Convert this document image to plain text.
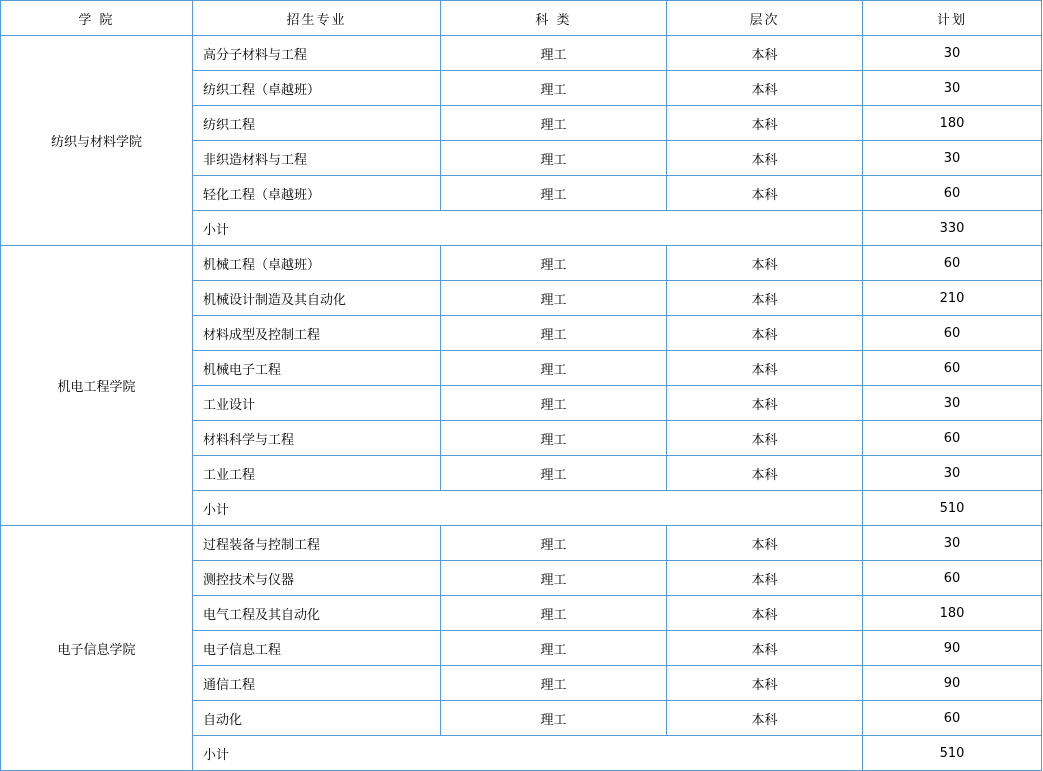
学 院	招生专业	科 类	层次	计划
纺织与材料学院	高分子材料与工程	理工	本科	30
	纺织工程（卓越班）	理工	本科	30
	纺织工程	理工	本科	180
	非织造材料与工程	理工	本科	30
	轻化工程（卓越班）	理工	本科	60
	小计			330
机电工程学院	机械工程（卓越班）	理工	本科	60
	机械设计制造及其自动化	理工	本科	210
	材料成型及控制工程	理工	本科	60
	机械电子工程	理工	本科	60
	工业设计	理工	本科	30
	材料科学与工程	理工	本科	60
	工业工程	理工	本科	30
	小计			510
电子信息学院	过程装备与控制工程	理工	本科	30
	测控技术与仪器	理工	本科	60
	电气工程及其自动化	理工	本科	180
	电子信息工程	理工	本科	90
	通信工程	理工	本科	90
	自动化	理工	本科	60
	小计			510
